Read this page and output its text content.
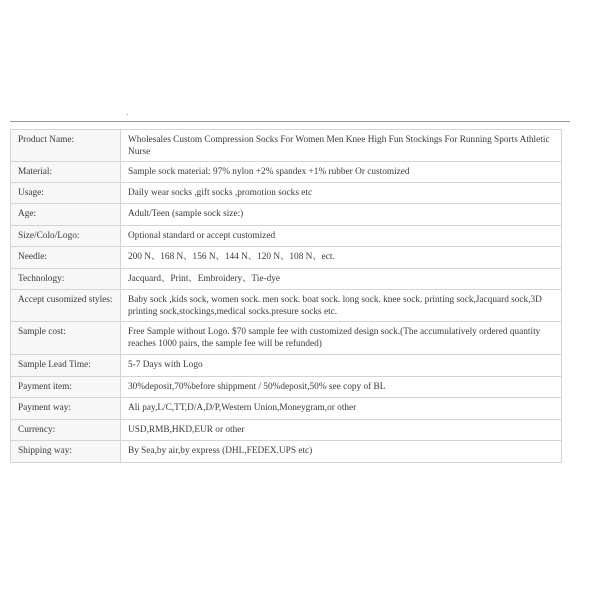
.
Product Name:	Wholesales Custom Compression Socks For Women Men Knee High Fun Stockings For Running Sports Athletic Nurse
Material:	Sample sock material: 97% nylon +2% spandex +1% rubber Or customized
Usage:	Daily wear socks ,gift socks ,promotion socks etc
Age:	Adult/Teen (sample sock size:)
Size/Colo/Logo:	Optional standard or accept customized
Needle:	200 N、168 N、156 N、144 N、120 N、108 N、ect.
Technology:	Jacquard、Print、Embroidery、Tie-dye
Accept cusomized styles:	Baby sock ,kids sock, women sock. men sock. boat sock. long sock. knee sock. printing sock,Jacquard sock,3D printing sock,stockings,medical socks.presure socks etc.
Sample cost:	Free Sample without Logo. $70 sample fee with customized design sock.(The accumulatively ordered quantity reaches 1000 pairs, the sample fee will be refunded)
Sample Lead Time:	5-7 Days with Logo
Payment item:	30%deposit,70%before shippment / 50%deposit,50% see copy of BL
Payment way:	Ali pay,L/C,TT,D/A,D/P,Western Union,Moneygram,or other
Currency:	USD,RMB,HKD,EUR or other
Shipping way:	By Sea,by air,by express (DHL,FEDEX.UPS etc)
